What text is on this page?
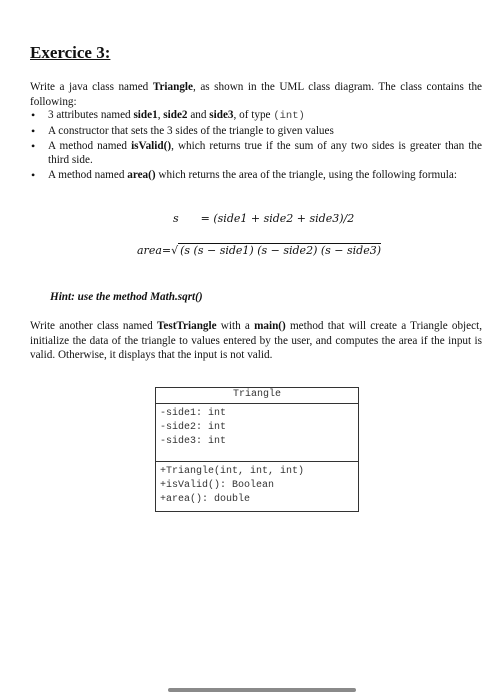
Exercice 3:
Write a java class named Triangle, as shown in the UML class diagram. The class contains the following:
• 3 attributes named side1, side2 and side3, of type (int)
• A constructor that sets the 3 sides of the triangle to given values
• A method named isValid(), which returns true if the sum of any two sides is greater than the third side.
• A method named area() which returns the area of the triangle, using the following formula:
s = (side1 + side2 + side3)/2
area=√ (s (s − side1) (s − side2) (s − side3)
Hint: use the method Math.sqrt()
Write another class named TestTriangle with a main() method that will create a Triangle object, initialize the data of the triangle to values entered by the user, and computes the area if the input is valid. Otherwise, it displays that the input is not valid.
Triangle
-side1: int
-side2: int
-side3: int
+Triangle(int, int, int)
+isValid(): Boolean
+area(): double
